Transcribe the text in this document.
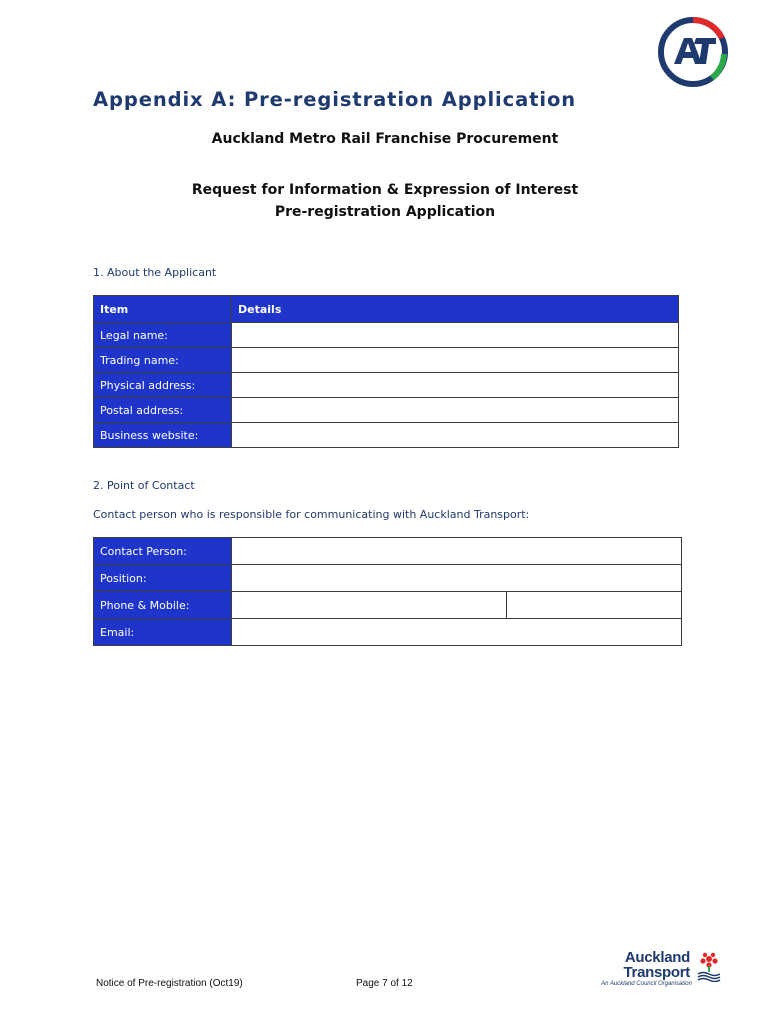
Appendix A: Pre-registration Application
Auckland Metro Rail Franchise Procurement
Request for Information & Expression of Interest
Pre-registration Application
1. About the Applicant
Item	Details
Legal name:	
Trading name:	
Physical address:	
Postal address:	
Business website:	
2. Point of Contact
Contact person who is responsible for communicating with Auckland Transport:
Contact Person:		
Position:		
Phone & Mobile:		
Email:		
Notice of Pre-registration (Oct19)	Page 7 of 12
Auckland
Transport
An Auckland Council Organisation
